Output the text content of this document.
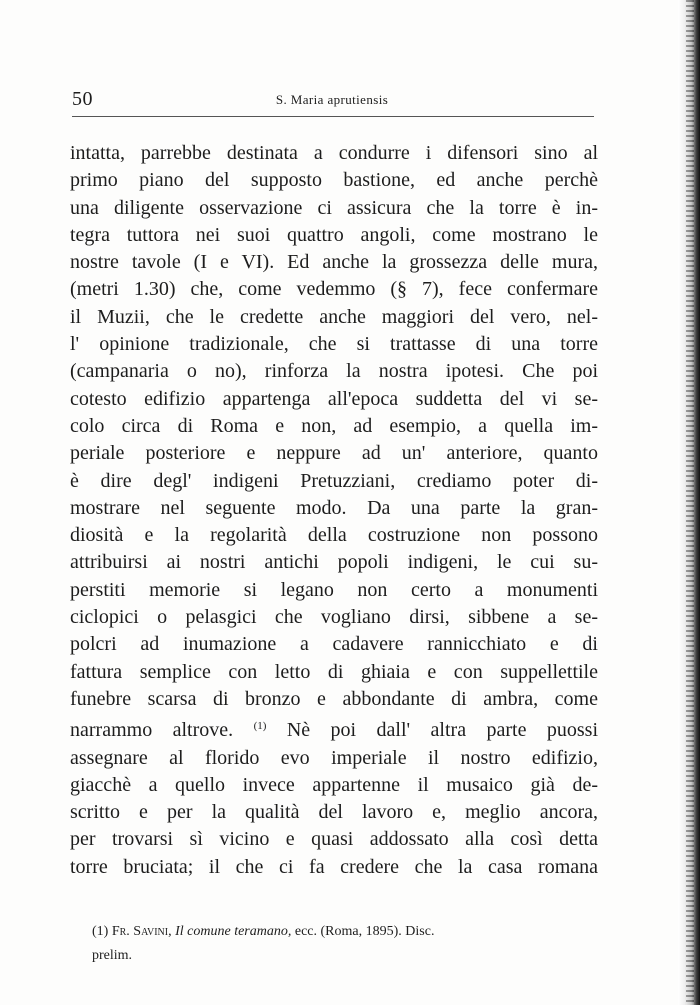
50	S. Maria aprutiensis
intatta, parrebbe destinata a condurre i difensori sino al
primo piano del supposto bastione, ed anche perchè
una diligente osservazione ci assicura che la torre è in-
tegra tuttora nei suoi quattro angoli, come mostrano le
nostre tavole (I e VI). Ed anche la grossezza delle mura,
(metri 1.30) che, come vedemmo (§ 7), fece confermare
il Muzii, che le credette anche maggiori del vero, nel-
l' opinione tradizionale, che si trattasse di una torre
(campanaria o no), rinforza la nostra ipotesi. Che poi
cotesto edifizio appartenga all'epoca suddetta del vi se-
colo circa di Roma e non, ad esempio, a quella im-
periale posteriore e neppure ad un' anteriore, quanto
è dire degl' indigeni Pretuzziani, crediamo poter di-
mostrare nel seguente modo. Da una parte la gran-
diosità e la regolarità della costruzione non possono
attribuirsi ai nostri antichi popoli indigeni, le cui su-
perstiti memorie si legano non certo a monumenti
ciclopici o pelasgici che vogliano dirsi, sibbene a se-
polcri ad inumazione a cadavere rannicchiato e di
fattura semplice con letto di ghiaia e con suppellettile
funebre scarsa di bronzo e abbondante di ambra, come
narrammo altrove. $^{(1)}$ Nè poi dall' altra parte puossi
assegnare al florido evo imperiale il nostro edifizio,
giacchè a quello invece appartenne il musaico già de-
scritto e per la qualità del lavoro e, meglio ancora,
per trovarsi sì vicino e quasi addossato alla così detta
torre bruciata; il che ci fa credere che la casa romana
(1) Fr. Savini, Il comune teramano, ecc. (Roma, 1895). Disc.
prelim.
